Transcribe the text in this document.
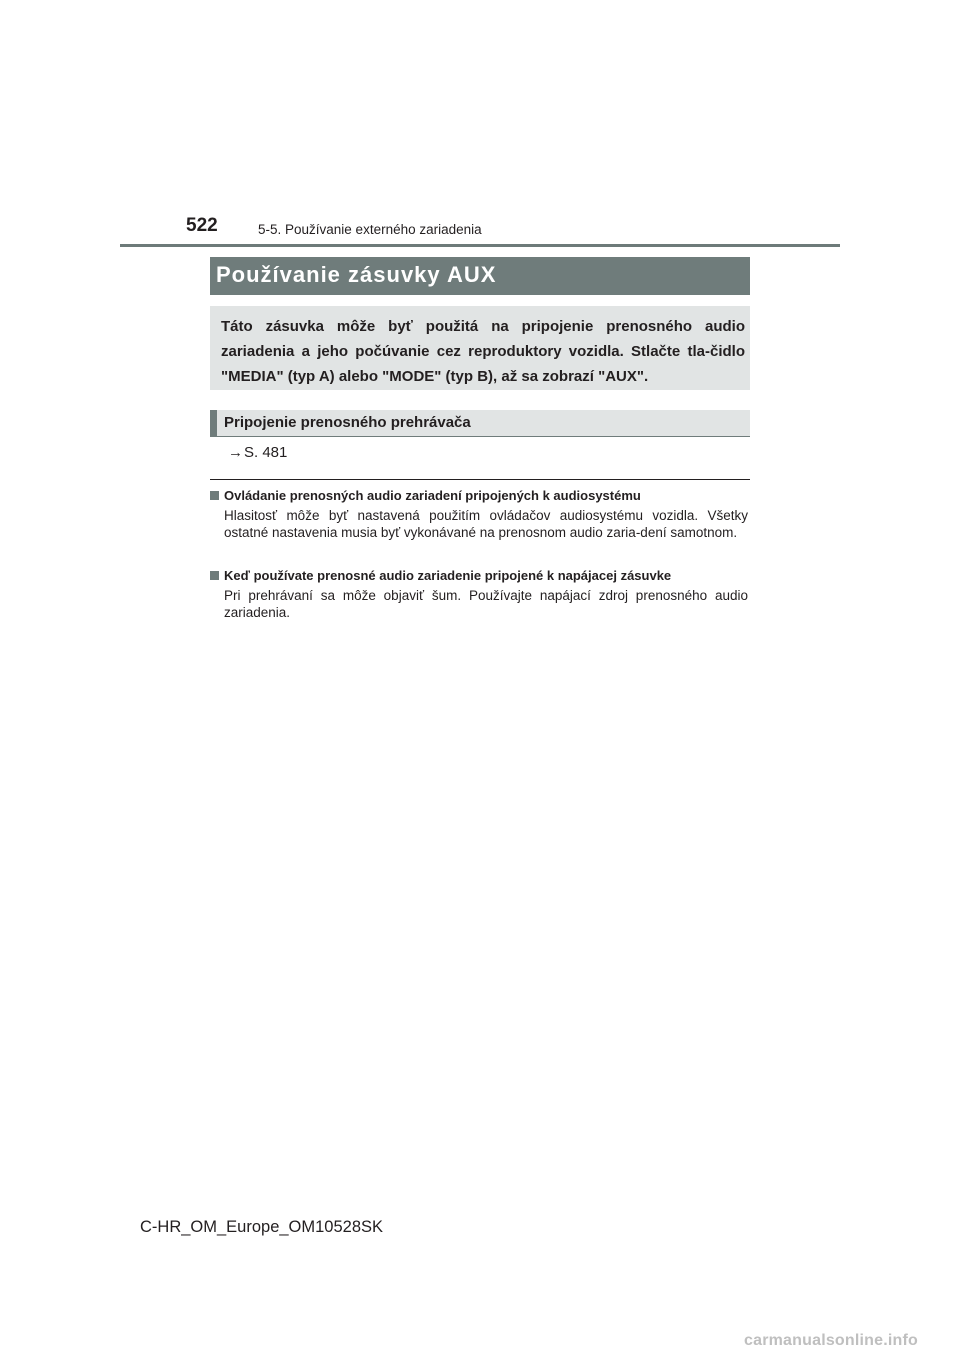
522	5-5. Používanie externého zariadenia
Používanie zásuvky AUX
Táto zásuvka môže byť použitá na pripojenie prenosného audio zariadenia a jeho počúvanie cez reproduktory vozidla. Stlačte tla-čidlo "MEDIA" (typ A) alebo "MODE" (typ B), až sa zobrazí "AUX".
Pripojenie prenosného prehrávača
→S. 481
Ovládanie prenosných audio zariadení pripojených k audiosystému
Hlasitosť môže byť nastavená použitím ovládačov audiosystému vozidla. Všetky ostatné nastavenia musia byť vykonávané na prenosnom audio zaria-dení samotnom.
Keď používate prenosné audio zariadenie pripojené k napájacej zásuvke
Pri prehrávaní sa môže objaviť šum. Používajte napájací zdroj prenosného audio zariadenia.
C-HR_OM_Europe_OM10528SK
carmanualsonline.info
